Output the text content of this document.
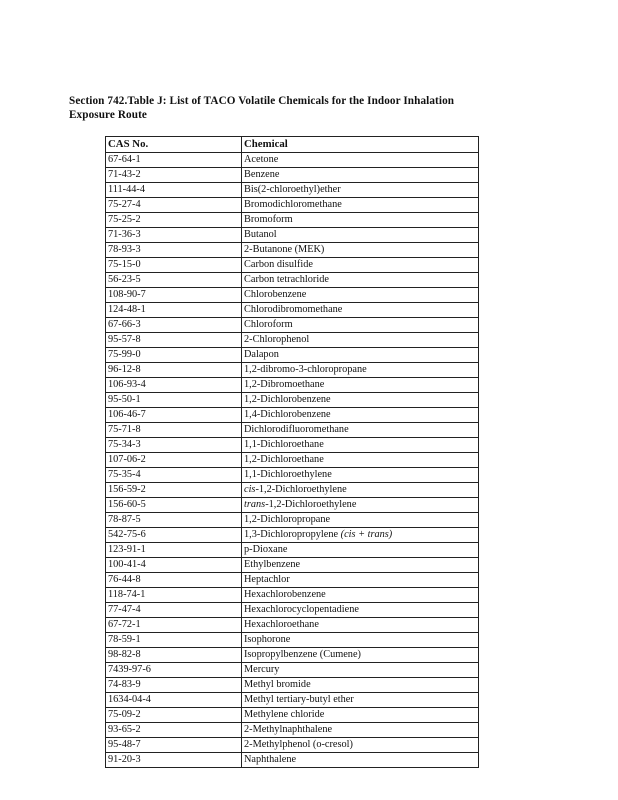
Section 742.Table J: List of TACO Volatile Chemicals for the Indoor Inhalation
Exposure Route
CAS No.	Chemical
67-64-1	Acetone
71-43-2	Benzene
111-44-4	Bis(2-chloroethyl)ether
75-27-4	Bromodichloromethane
75-25-2	Bromoform
71-36-3	Butanol
78-93-3	2-Butanone (MEK)
75-15-0	Carbon disulfide
56-23-5	Carbon tetrachloride
108-90-7	Chlorobenzene
124-48-1	Chlorodibromomethane
67-66-3	Chloroform
95-57-8	2-Chlorophenol
75-99-0	Dalapon
96-12-8	1,2-dibromo-3-chloropropane
106-93-4	1,2-Dibromoethane
95-50-1	1,2-Dichlorobenzene
106-46-7	1,4-Dichlorobenzene
75-71-8	Dichlorodifluoromethane
75-34-3	1,1-Dichloroethane
107-06-2	1,2-Dichloroethane
75-35-4	1,1-Dichloroethylene
156-59-2	cis-1,2-Dichloroethylene
156-60-5	trans-1,2-Dichloroethylene
78-87-5	1,2-Dichloropropane
542-75-6	1,3-Dichloropropylene (cis + trans)
123-91-1	p-Dioxane
100-41-4	Ethylbenzene
76-44-8	Heptachlor
118-74-1	Hexachlorobenzene
77-47-4	Hexachlorocyclopentadiene
67-72-1	Hexachloroethane
78-59-1	Isophorone
98-82-8	Isopropylbenzene (Cumene)
7439-97-6	Mercury
74-83-9	Methyl bromide
1634-04-4	Methyl tertiary-butyl ether
75-09-2	Methylene chloride
93-65-2	2-Methylnaphthalene
95-48-7	2-Methylphenol (o-cresol)
91-20-3	Naphthalene
